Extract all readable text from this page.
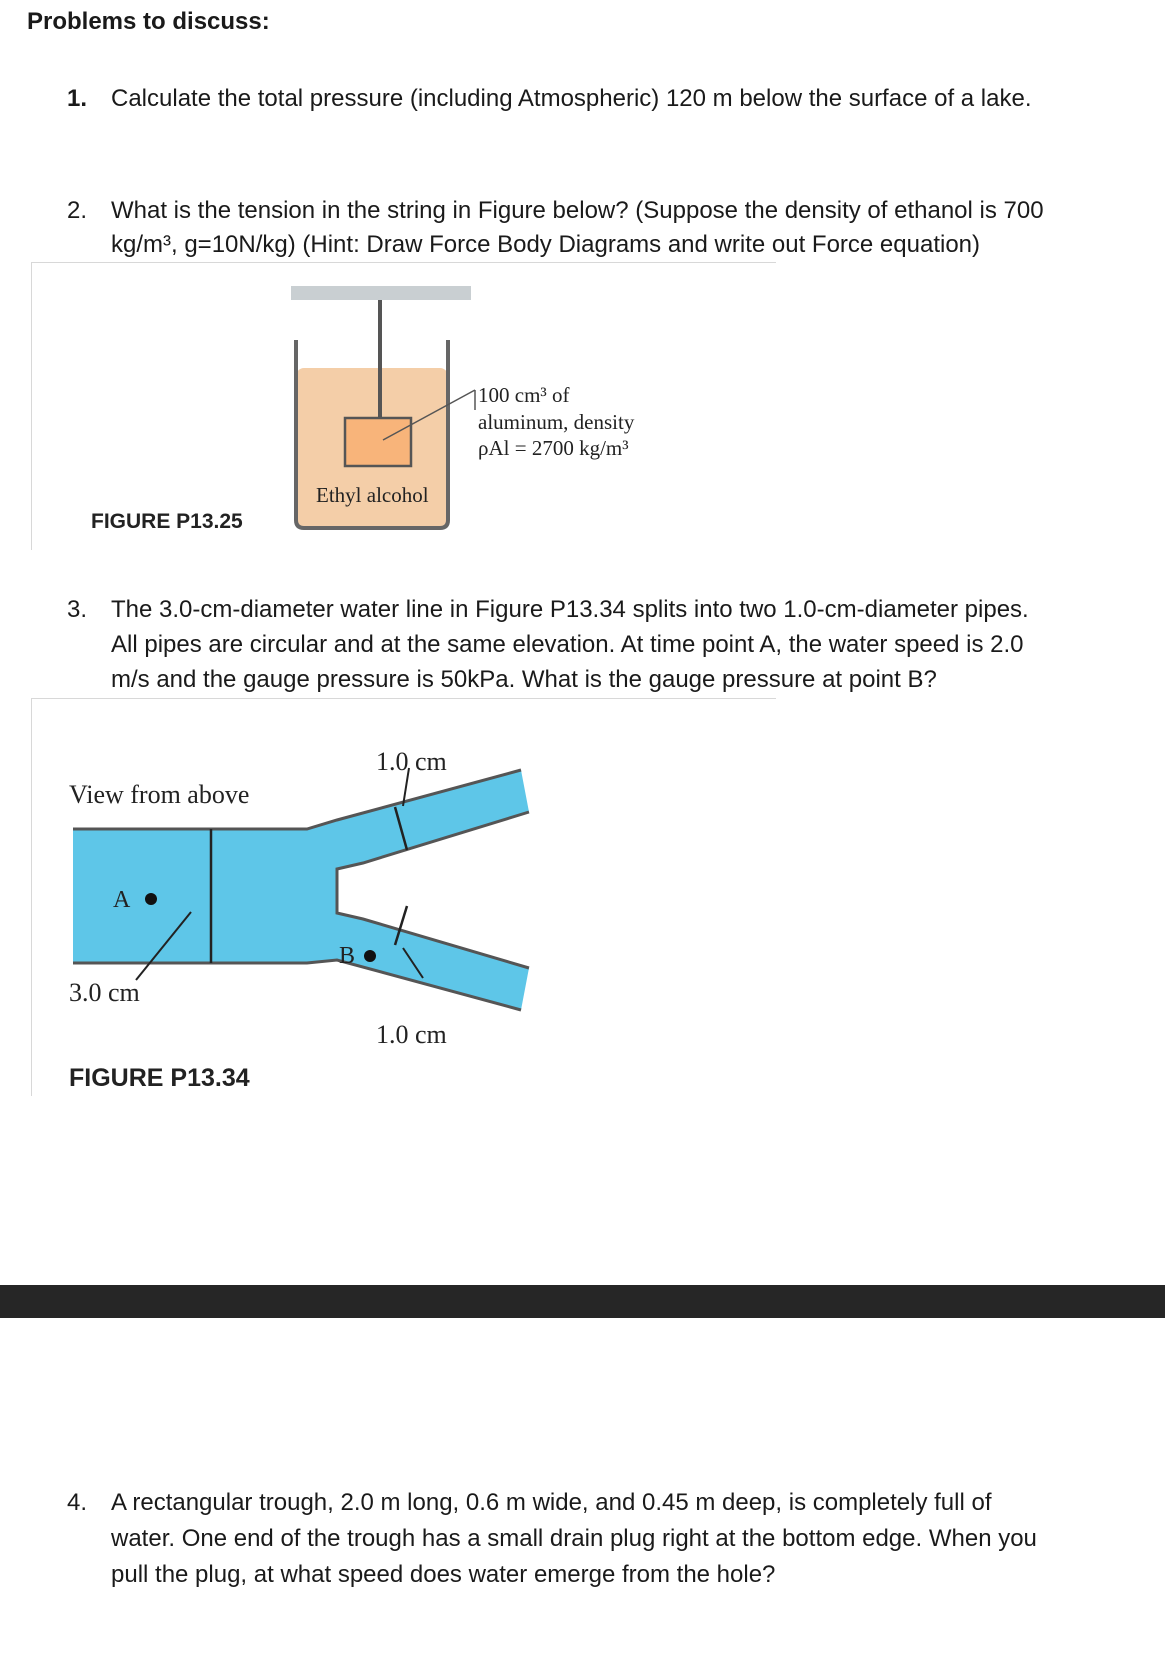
Problems to discuss:
1. Calculate the total pressure (including Atmospheric) 120 m below the surface of a lake.
2. What is the tension in the string in Figure below? (Suppose the density of ethanol is 700
kg/m³, g=10N/kg) (Hint: Draw Force Body Diagrams and write out Force equation)
Ethyl alcohol
100 cm³ of
aluminum, density
ρAl = 2700 kg/m³
FIGURE P13.25
3. The 3.0-cm-diameter water line in Figure P13.34 splits into two 1.0-cm-diameter pipes.
All pipes are circular and at the same elevation. At time point A, the water speed is 2.0
m/s and the gauge pressure is 50kPa. What is the gauge pressure at point B?
A
B
View from above
3.0 cm
1.0 cm
1.0 cm
FIGURE P13.34
4. A rectangular trough, 2.0 m long, 0.6 m wide, and 0.45 m deep, is completely full of
water. One end of the trough has a small drain plug right at the bottom edge. When you
pull the plug, at what speed does water emerge from the hole?
